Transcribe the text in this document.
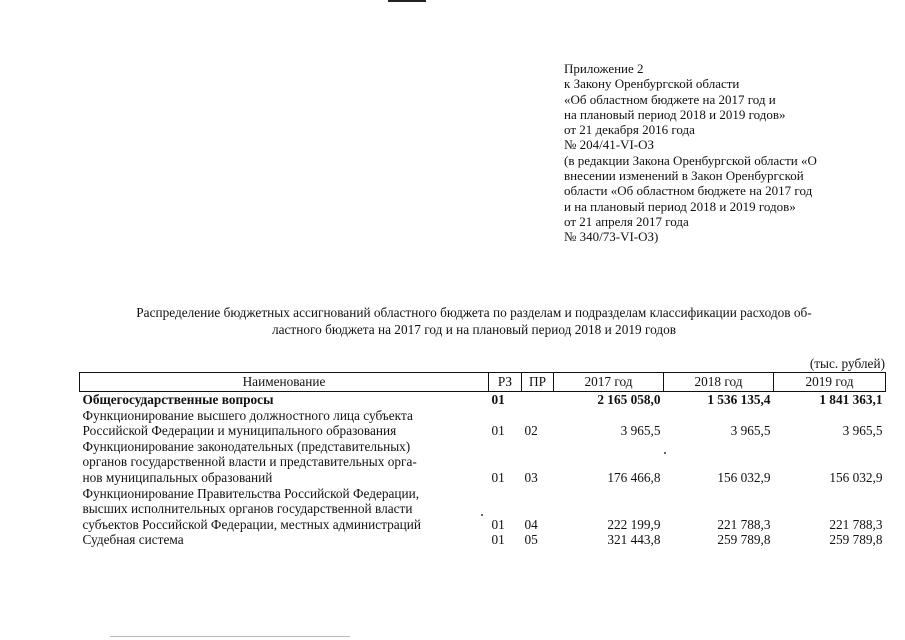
Приложение 2
к Закону Оренбургской области
«Об областном бюджете на 2017 год и
на плановый период 2018 и 2019 годов»
от 21 декабря 2016 года
№ 204/41-VI-ОЗ
(в редакции Закона Оренбургской области «О
внесении изменений в Закон Оренбургской
области «Об областном бюджете на 2017 год
и на плановый период 2018 и 2019 годов»
от 21 апреля 2017 года
№ 340/73-VI-ОЗ)
Распределение бюджетных ассигнований областного бюджета по разделам и подразделам классификации расходов об-
ластного бюджета на 2017 год и на плановый период 2018 и 2019 годов
(тыс. рублей)
Наименование	РЗ	ПР	2017 год	2018 год	2019 год

Общегосударственные вопросы	01		2 165 058,0	1 536 135,4	1 841 363,1

Функционирование высшего должностного лица субъекта
Российской Федерации и муниципального образования	01	02	3 965,5	3 965,5	3 965,5

Функционирование законодательных (представительных)
органов государственной власти и представительных орга-
нов муниципальных образований	01	03	176 466,8	156 032,9	156 032,9

Функционирование Правительства Российской Федерации,
высших исполнительных органов государственной власти
субъектов Российской Федерации, местных администраций	01	04	222 199,9	221 788,3	221 788,3

Судебная система	01	05	321 443,8	259 789,8	259 789,8
